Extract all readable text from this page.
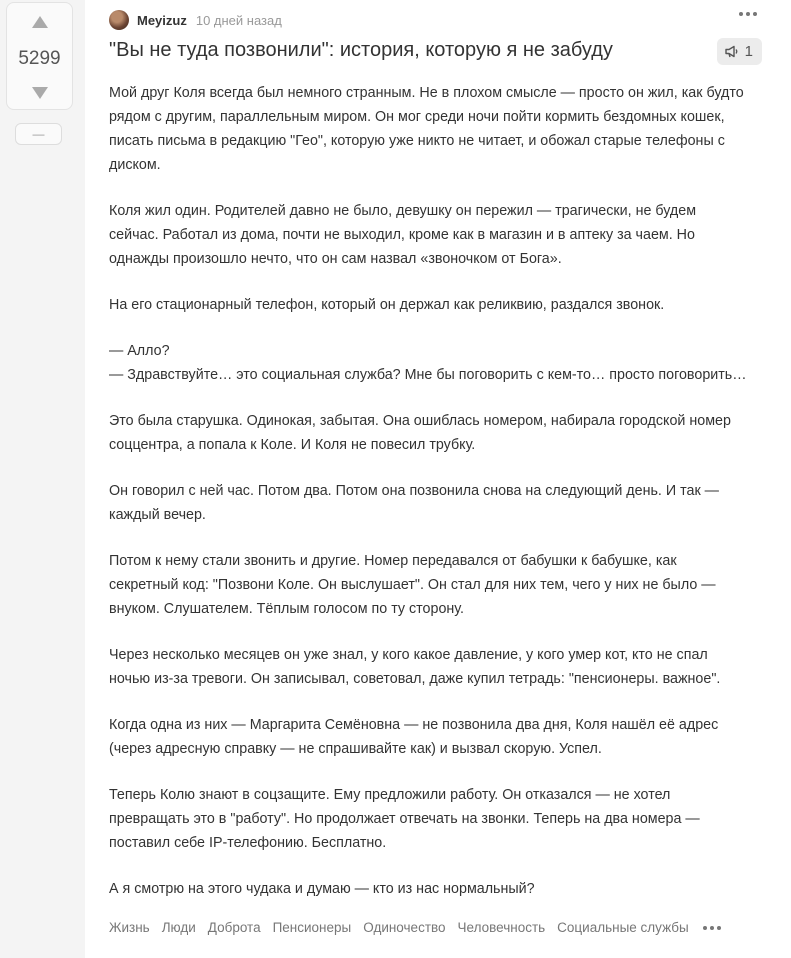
5299
—
Meyizuz 10 дней назад
"Вы не туда позвонили": история, которую я не забуду	1

Мой друг Коля всегда был немного странным. Не в плохом смысле — просто он жил, как будто рядом с другим, параллельным миром. Он мог среди ночи пойти кормить бездомных кошек, писать письма в редакцию "Гео", которую уже никто не читает, и обожал старые телефоны с диском.

Коля жил один. Родителей давно не было, девушку он пережил — трагически, не будем сейчас. Работал из дома, почти не выходил, кроме как в магазин и в аптеку за чаем. Но однажды произошло нечто, что он сам назвал «звоночком от Бога».

На его стационарный телефон, который он держал как реликвию, раздался звонок.

— Алло?
— Здравствуйте… это социальная служба? Мне бы поговорить с кем-то… просто поговорить…

Это была старушка. Одинокая, забытая. Она ошиблась номером, набирала городской номер соццентра, а попала к Коле. И Коля не повесил трубку.

Он говорил с ней час. Потом два. Потом она позвонила снова на следующий день. И так — каждый вечер.

Потом к нему стали звонить и другие. Номер передавался от бабушки к бабушке, как секретный код: "Позвони Коле. Он выслушает". Он стал для них тем, чего у них не было — внуком. Слушателем. Тёплым голосом по ту сторону.

Через несколько месяцев он уже знал, у кого какое давление, у кого умер кот, кто не спал ночью из-за тревоги. Он записывал, советовал, даже купил тетрадь: "пенсионеры. важное".

Когда одна из них — Маргарита Семёновна — не позвонила два дня, Коля нашёл её адрес (через адресную справку — не спрашивайте как) и вызвал скорую. Успел.

Теперь Колю знают в соцзащите. Ему предложили работу. Он отказался — не хотел превращать это в "работу". Но продолжает отвечать на звонки. Теперь на два номера — поставил себе IP-телефонию. Бесплатно.

А я смотрю на этого чудака и думаю — кто из нас нормальный?

Жизнь Люди Доброта Пенсионеры Одиночество Человечность Социальные службы
